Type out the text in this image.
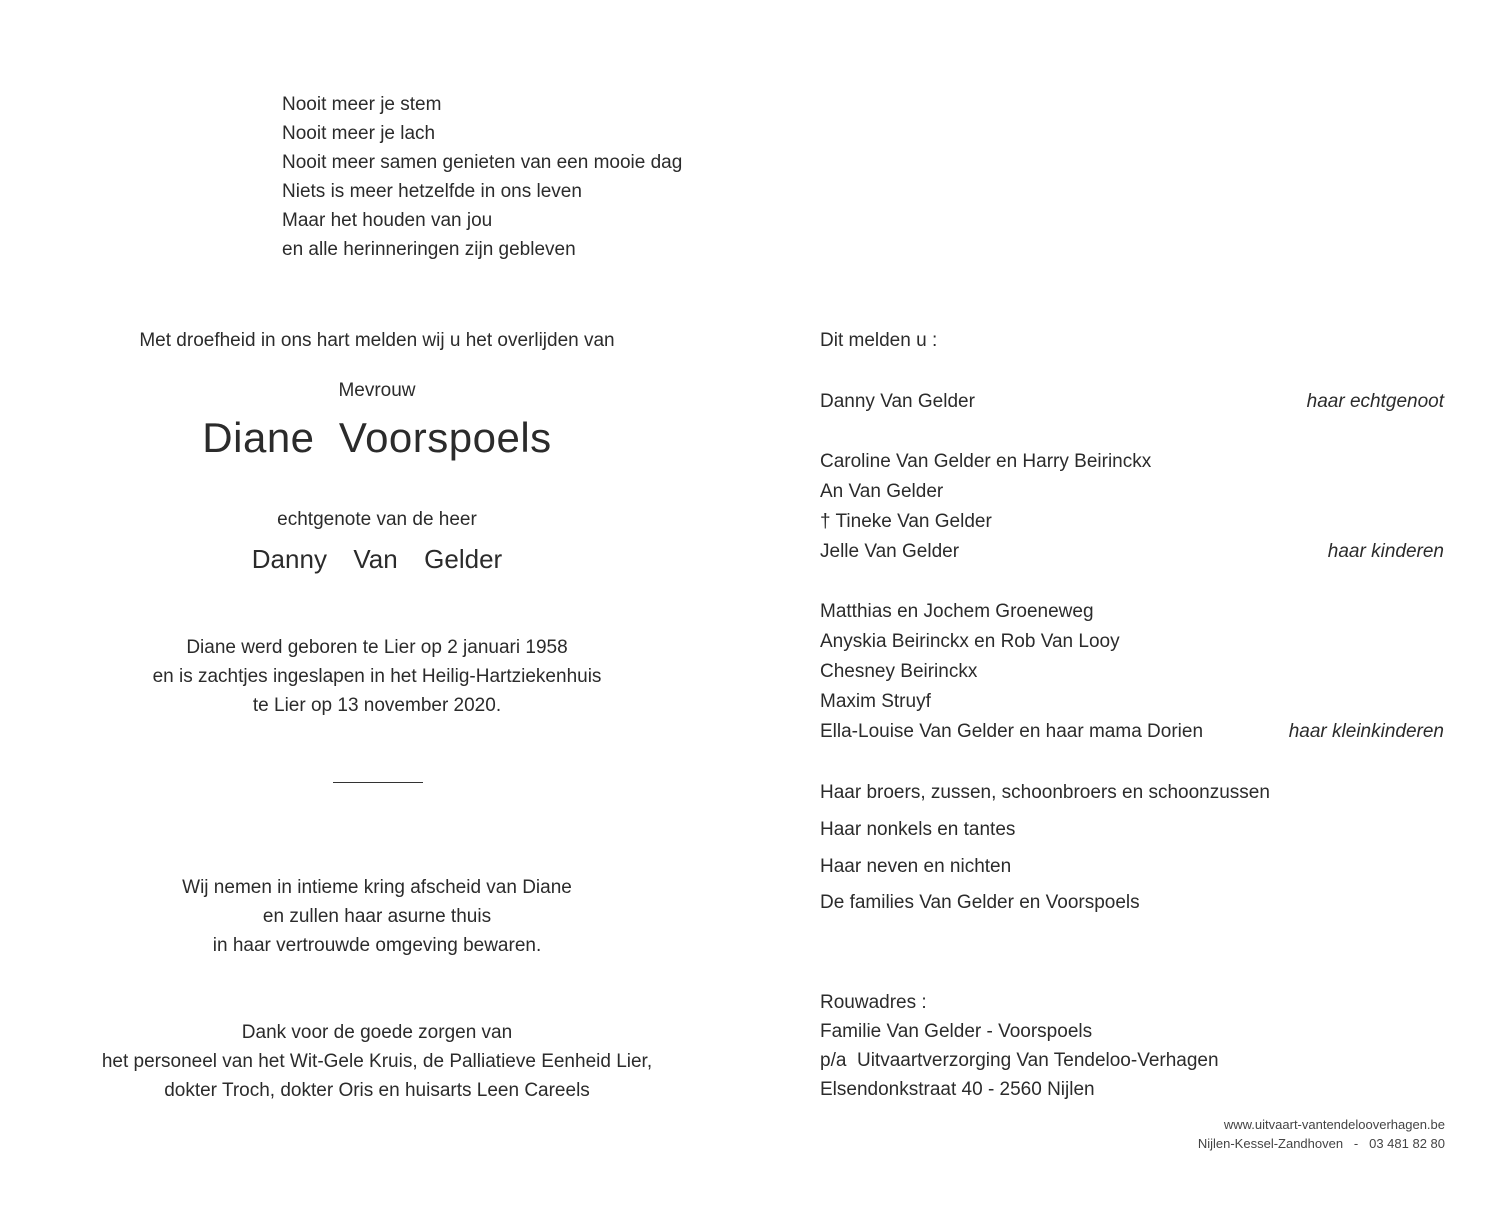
Nooit meer je stem
Nooit meer je lach
Nooit meer samen genieten van een mooie dag
Niets is meer hetzelfde in ons leven
Maar het houden van jou
en alle herinneringen zijn gebleven
Met droefheid in ons hart melden wij u het overlijden van
Mevrouw
Diane  Voorspoels
echtgenote van de heer
Danny  Van  Gelder
Diane werd geboren te Lier op 2 januari 1958
en is zachtjes ingeslapen in het Heilig-Hartziekenhuis
te Lier op 13 november 2020.
Wij nemen in intieme kring afscheid van Diane
en zullen haar asurne thuis
in haar vertrouwde omgeving bewaren.
Dank voor de goede zorgen van
het personeel van het Wit-Gele Kruis, de Palliatieve Eenheid Lier,
dokter Troch, dokter Oris en huisarts Leen Careels
Dit melden u :
Danny Van Gelder	haar echtgenoot
Caroline Van Gelder en Harry Beirinckx
An Van Gelder
† Tineke Van Gelder
Jelle Van Gelder	haar kinderen
Matthias en Jochem Groeneweg
Anyskia Beirinckx en Rob Van Looy
Chesney Beirinckx
Maxim Struyf
Ella-Louise Van Gelder en haar mama Dorien	haar kleinkinderen
Haar broers, zussen, schoonbroers en schoonzussen
Haar nonkels en tantes
Haar neven en nichten
De families Van Gelder en Voorspoels
Rouwadres :
Familie Van Gelder - Voorspoels
p/a  Uitvaartverzorging Van Tendeloo-Verhagen
Elsendonkstraat 40 - 2560 Nijlen
www.uitvaart-vantendelooverhagen.be
Nijlen-Kessel-Zandhoven   -   03 481 82 80
